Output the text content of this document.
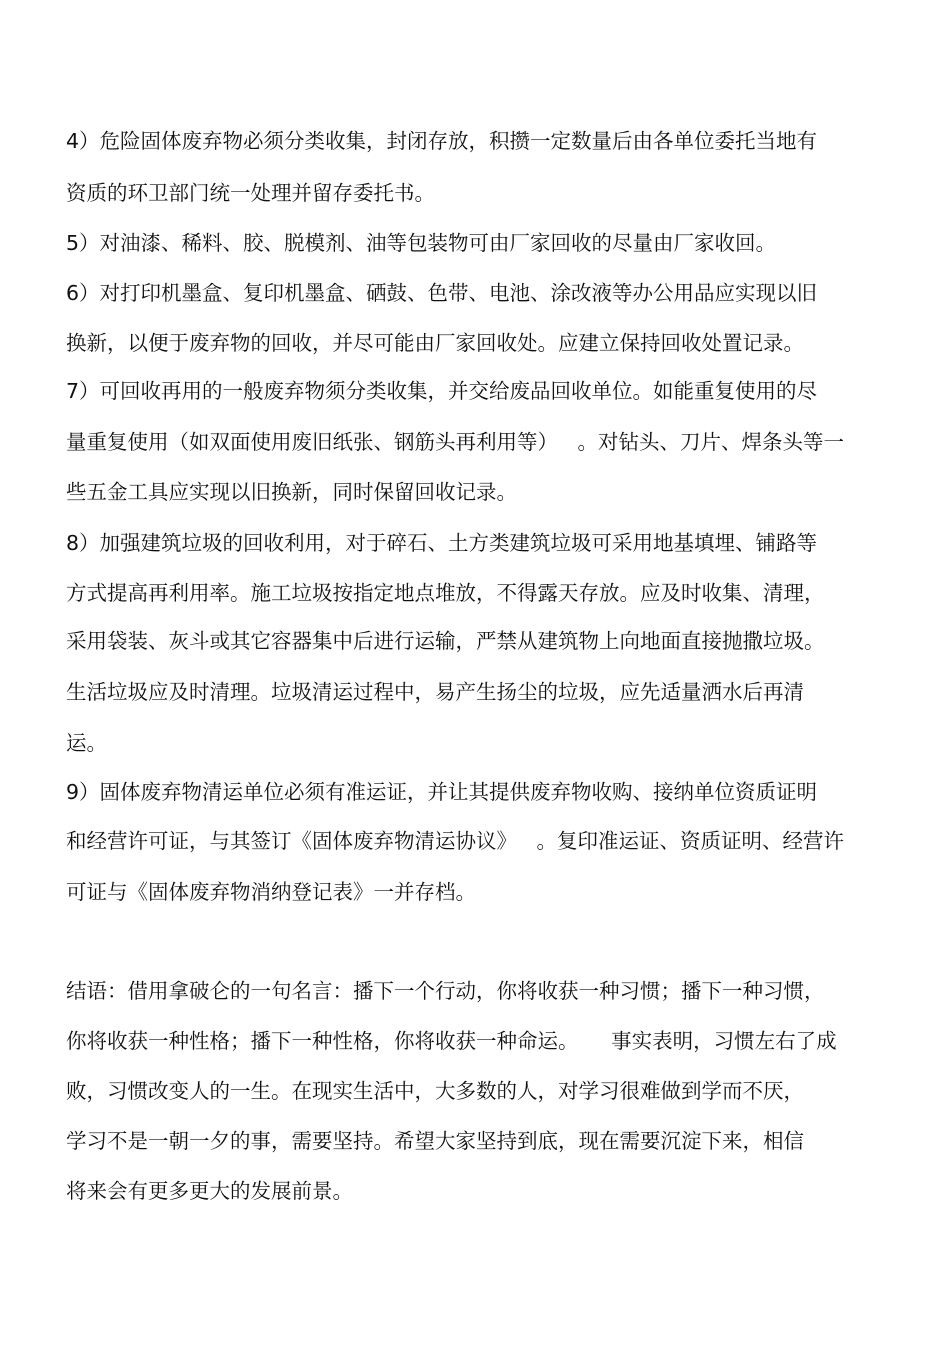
4）危险固体废弃物必须分类收集，封闭存放，积攒一定数量后由各单位委托当地有
资质的环卫部门统一处理并留存委托书。
5）对油漆、稀料、胶、脱模剂、油等包装物可由厂家回收的尽量由厂家收回。
6）对打印机墨盒、复印机墨盒、硒鼓、色带、电池、涂改液等办公用品应实现以旧
换新，以便于废弃物的回收，并尽可能由厂家回收处。应建立保持回收处置记录。
7）可回收再用的一般废弃物须分类收集，并交给废品回收单位。如能重复使用的尽
量重复使用（如双面使用废旧纸张、钢筋头再利用等）   。对钻头、刀片、焊条头等一
些五金工具应实现以旧换新，同时保留回收记录。
8）加强建筑垃圾的回收利用，对于碎石、土方类建筑垃圾可采用地基填埋、铺路等
方式提高再利用率。施工垃圾按指定地点堆放，不得露天存放。应及时收集、清理，
采用袋装、灰斗或其它容器集中后进行运输，严禁从建筑物上向地面直接抛撒垃圾。
生活垃圾应及时清理。垃圾清运过程中，易产生扬尘的垃圾，应先适量洒水后再清
运。
9）固体废弃物清运单位必须有准运证，并让其提供废弃物收购、接纳单位资质证明
和经营许可证，与其签订《固体废弃物清运协议》   。复印准运证、资质证明、经营许
可证与《固体废弃物消纳登记表》一并存档。
结语：借用拿破仑的一句名言：播下一个行动，你将收获一种习惯；播下一种习惯，
你将收获一种性格；播下一种性格，你将收获一种命运。     事实表明，习惯左右了成
败，习惯改变人的一生。在现实生活中，大多数的人，对学习很难做到学而不厌，
学习不是一朝一夕的事，需要坚持。希望大家坚持到底，现在需要沉淀下来，相信
将来会有更多更大的发展前景。
